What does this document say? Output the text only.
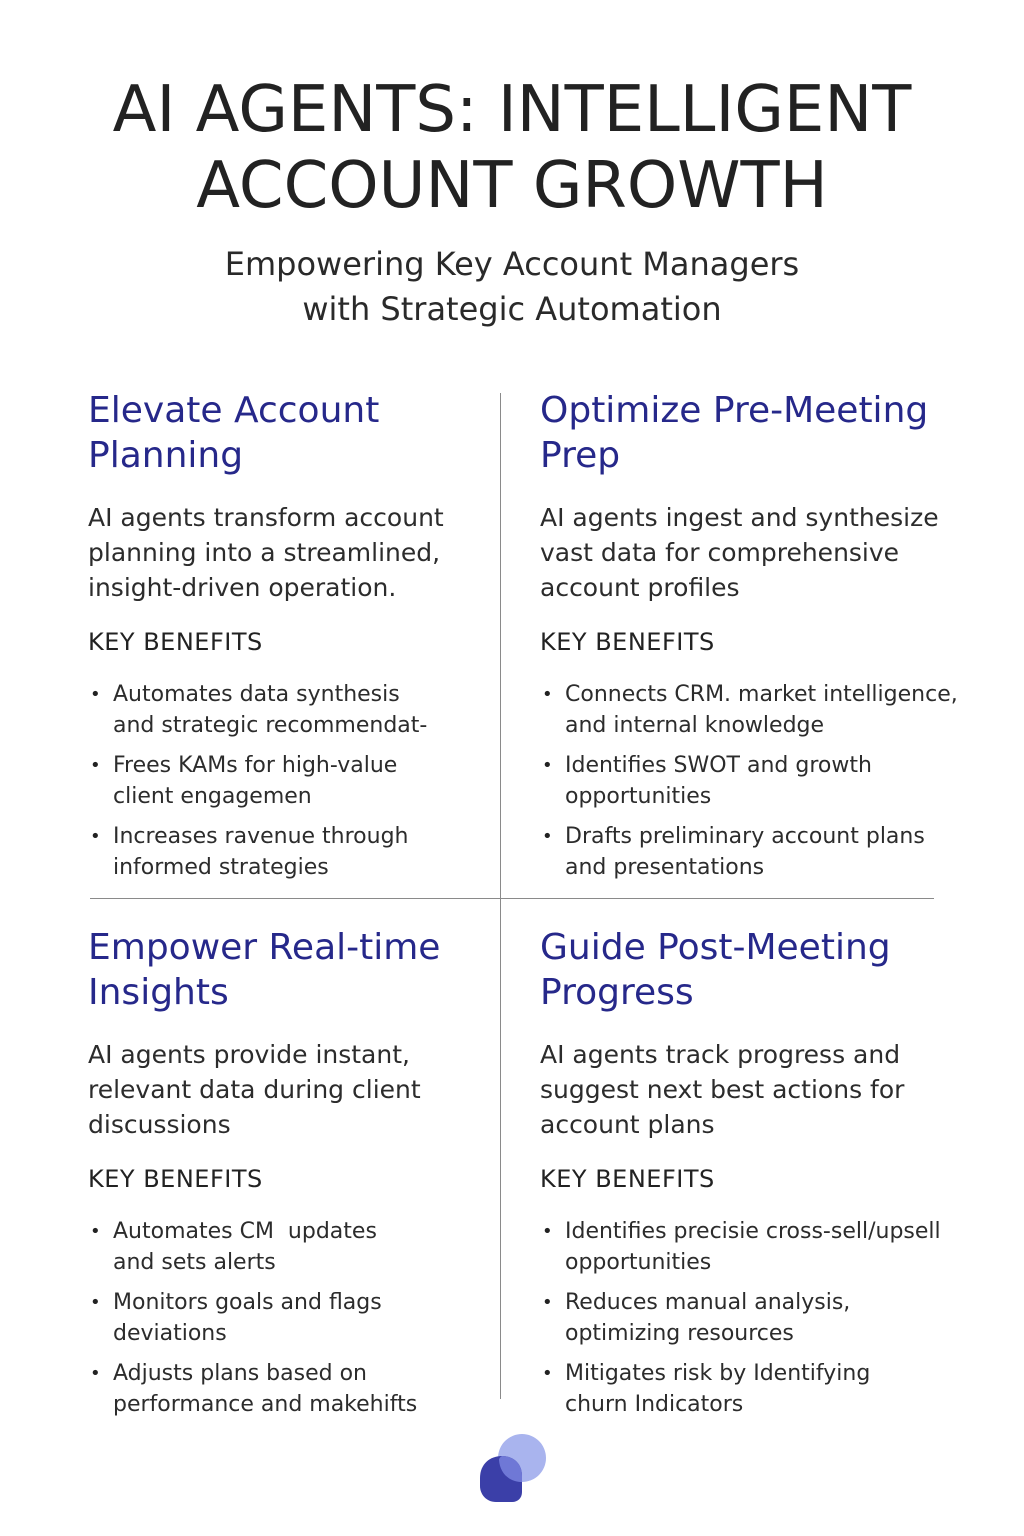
AI AGENTS: INTELLIGENT
ACCOUNT GROWTH

Empowering Key Account Managers
with Strategic Automation

Elevate Account
Planning

AI agents transform account
planning into a streamlined,
insight-driven operation.

KEY BENEFITS
• Automates data synthesis
and strategic recommendat-
• Frees KAMs for high-value
client engagemen
• Increases ravenue through
informed strategies
Optimize Pre-Meeting
Prep

AI agents ingest and synthesize
vast data for comprehensive
account profiles

KEY BENEFITS
• Connects CRM. market intelligence,
and internal knowledge
• Identifies SWOT and growth
opportunities
• Drafts preliminary account plans
and presentations
Empower Real-time
Insights

AI agents provide instant,
relevant data during client
discussions

KEY BENEFITS
• Automates CM  updates
and sets alerts
• Monitors goals and flags
deviations
• Adjusts plans based on
performance and makehifts
Guide Post-Meeting
Progress

AI agents track progress and
suggest next best actions for
account plans

KEY BENEFITS
• Identifies precisie cross-sell/upsell
opportunities
• Reduces manual analysis,
optimizing resources
• Mitigates risk by Identifying
churn Indicators
